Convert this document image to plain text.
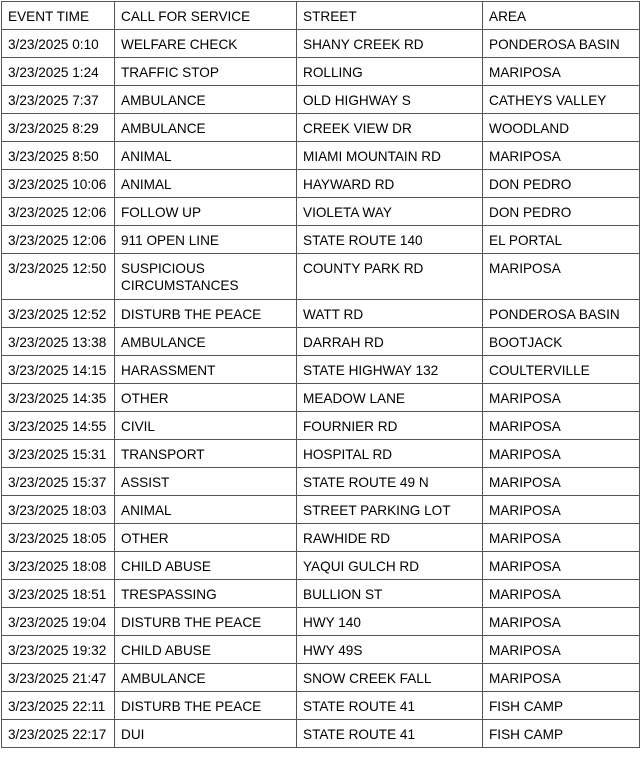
EVENT TIME	CALL FOR SERVICE	STREET	AREA
3/23/2025 0:10	WELFARE CHECK	SHANY CREEK RD	PONDEROSA BASIN
3/23/2025 1:24	TRAFFIC STOP	ROLLING	MARIPOSA
3/23/2025 7:37	AMBULANCE	OLD HIGHWAY S	CATHEYS VALLEY
3/23/2025 8:29	AMBULANCE	CREEK VIEW DR	WOODLAND
3/23/2025 8:50	ANIMAL	MIAMI MOUNTAIN RD	MARIPOSA
3/23/2025 10:06	ANIMAL	HAYWARD RD	DON PEDRO
3/23/2025 12:06	FOLLOW UP	VIOLETA WAY	DON PEDRO
3/23/2025 12:06	911 OPEN LINE	STATE ROUTE 140	EL PORTAL
3/23/2025 12:50	SUSPICIOUS CIRCUMSTANCES	COUNTY PARK RD	MARIPOSA
3/23/2025 12:52	DISTURB THE PEACE	WATT RD	PONDEROSA BASIN
3/23/2025 13:38	AMBULANCE	DARRAH RD	BOOTJACK
3/23/2025 14:15	HARASSMENT	STATE HIGHWAY 132	COULTERVILLE
3/23/2025 14:35	OTHER	MEADOW LANE	MARIPOSA
3/23/2025 14:55	CIVIL	FOURNIER RD	MARIPOSA
3/23/2025 15:31	TRANSPORT	HOSPITAL RD	MARIPOSA
3/23/2025 15:37	ASSIST	STATE ROUTE 49 N	MARIPOSA
3/23/2025 18:03	ANIMAL	STREET PARKING LOT	MARIPOSA
3/23/2025 18:05	OTHER	RAWHIDE RD	MARIPOSA
3/23/2025 18:08	CHILD ABUSE	YAQUI GULCH RD	MARIPOSA
3/23/2025 18:51	TRESPASSING	BULLION ST	MARIPOSA
3/23/2025 19:04	DISTURB THE PEACE	HWY 140	MARIPOSA
3/23/2025 19:32	CHILD ABUSE	HWY 49S	MARIPOSA
3/23/2025 21:47	AMBULANCE	SNOW CREEK FALL	MARIPOSA
3/23/2025 22:11	DISTURB THE PEACE	STATE ROUTE 41	FISH CAMP
3/23/2025 22:17	DUI	STATE ROUTE 41	FISH CAMP
